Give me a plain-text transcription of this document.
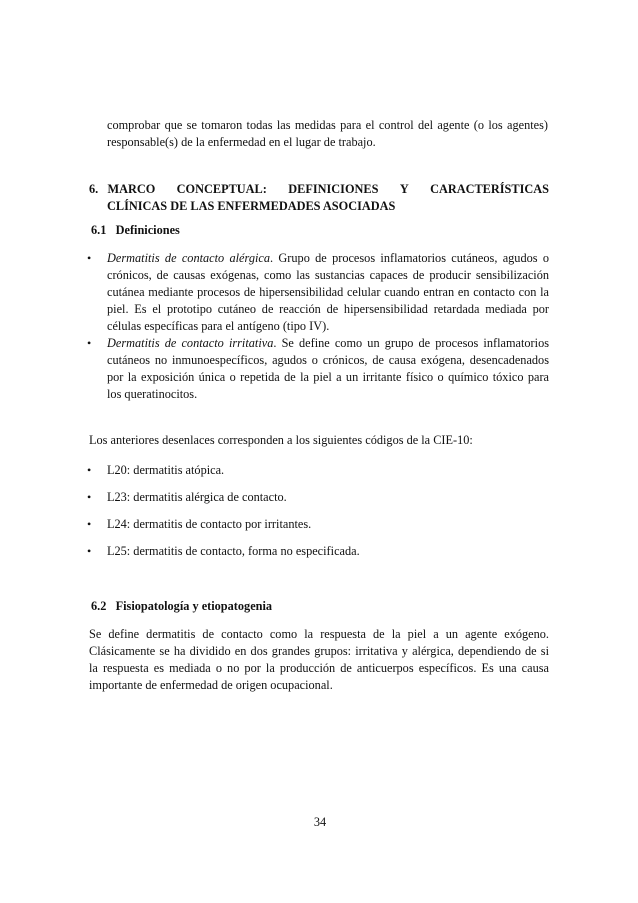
comprobar que se tomaron todas las medidas para el control del agente (o los agentes)
responsable(s) de la enfermedad en el lugar de trabajo.
6. MARCO CONCEPTUAL: DEFINICIONES Y CARACTERÍSTICAS
CLÍNICAS DE LAS ENFERMEDADES ASOCIADAS
6.1 Definiciones
• Dermatitis de contacto alérgica. Grupo de procesos inflamatorios cutáneos, agudos o
crónicos, de causas exógenas, como las sustancias capaces de producir sensibilización
cutánea mediante procesos de hipersensibilidad celular cuando entran en contacto con la
piel. Es el prototipo cutáneo de reacción de hipersensibilidad retardada mediada por
células específicas para el antígeno (tipo IV).
• Dermatitis de contacto irritativa. Se define como un grupo de procesos inflamatorios
cutáneos no inmunoespecíficos, agudos o crónicos, de causa exógena, desencadenados
por la exposición única o repetida de la piel a un irritante físico o químico tóxico para
los queratinocitos.
Los anteriores desenlaces corresponden a los siguientes códigos de la CIE-10:
• L20: dermatitis atópica.
• L23: dermatitis alérgica de contacto.
• L24: dermatitis de contacto por irritantes.
• L25: dermatitis de contacto, forma no especificada.
6.2 Fisiopatología y etiopatogenia
Se define dermatitis de contacto como la respuesta de la piel a un agente exógeno.
Clásicamente se ha dividido en dos grandes grupos: irritativa y alérgica, dependiendo de si
la respuesta es mediada o no por la producción de anticuerpos específicos. Es una causa
importante de enfermedad de origen ocupacional.
34
